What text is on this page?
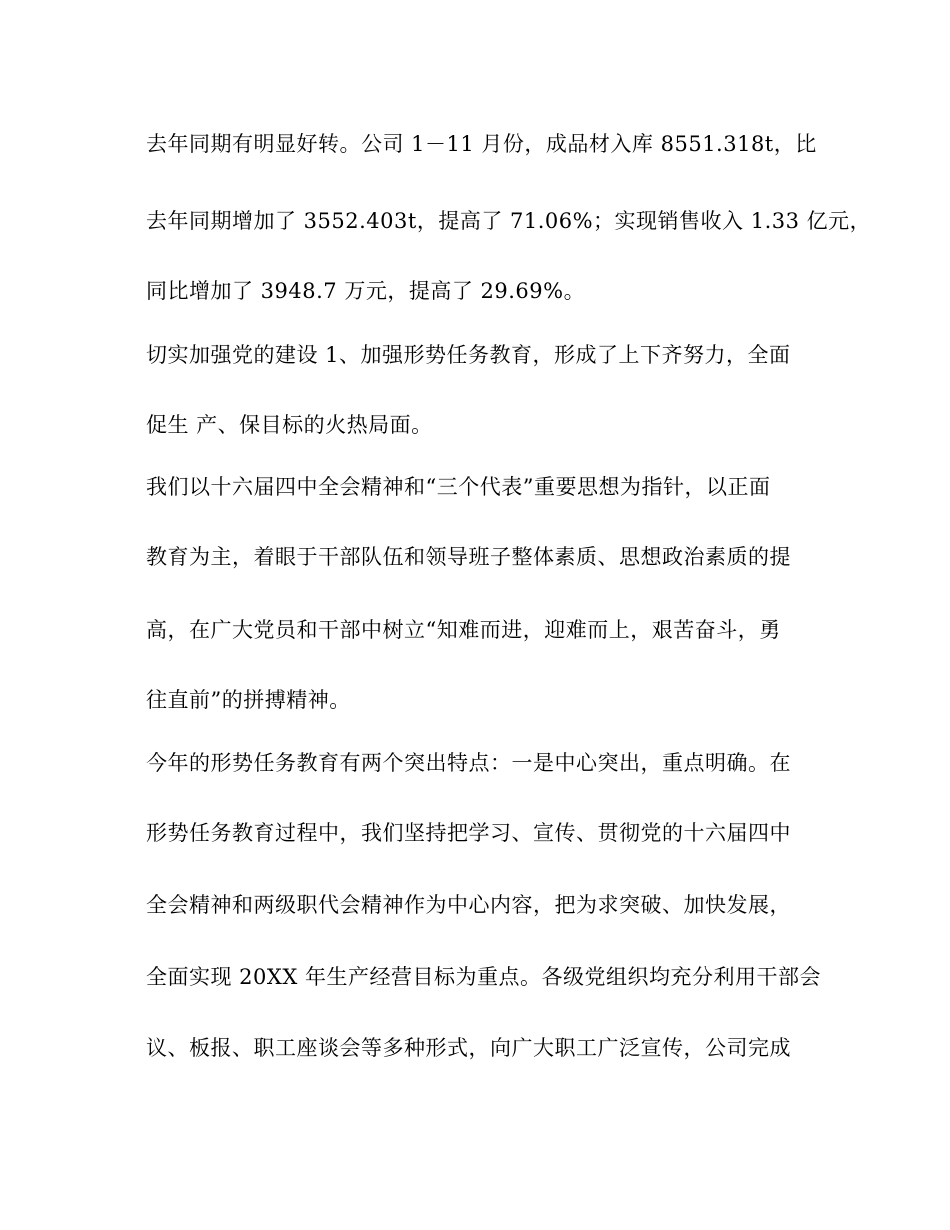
去年同期有明显好转。公司 1－11 月份，成品材入库 8551.318t，比
去年同期增加了 3552.403t，提高了 71.06%；实现销售收入 1.33 亿元，
同比增加了 3948.7 万元，提高了 29.69%。
切实加强党的建设 1、加强形势任务教育，形成了上下齐努力，全面
促生 产、保目标的火热局面。
我们以十六届四中全会精神和“三个代表”重要思想为指针，以正面
教育为主，着眼于干部队伍和领导班子整体素质、思想政治素质的提
高，在广大党员和干部中树立“知难而进，迎难而上，艰苦奋斗，勇
往直前”的拼搏精神。
今年的形势任务教育有两个突出特点：一是中心突出，重点明确。在
形势任务教育过程中，我们坚持把学习、宣传、贯彻党的十六届四中
全会精神和两级职代会精神作为中心内容，把为求突破、加快发展，
全面实现 20XX 年生产经营目标为重点。各级党组织均充分利用干部会
议、板报、职工座谈会等多种形式，向广大职工广泛宣传，公司完成
